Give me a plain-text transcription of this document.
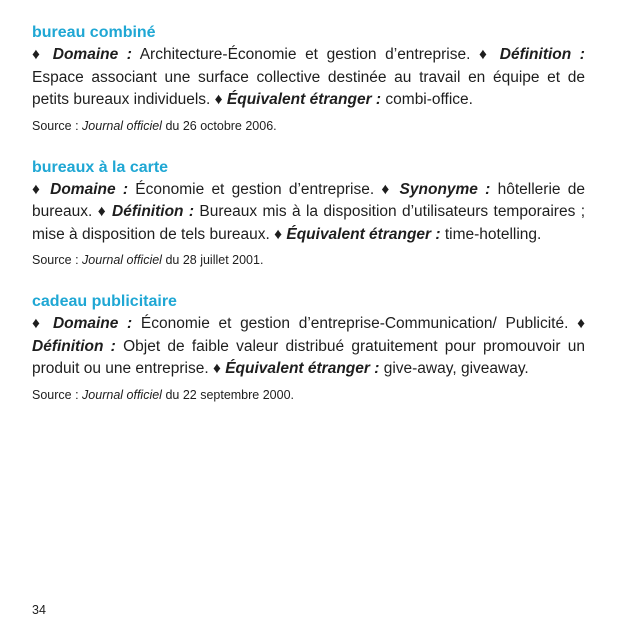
bureau combiné

♦ Domaine : Architecture-Économie et gestion d’entreprise. ♦ Définition : Espace associant une surface collective destinée au travail en équipe et de petits bureaux individuels. ♦ Équivalent étranger : combi-office.

Source : Journal officiel du 26 octobre 2006.
bureaux à la carte

♦ Domaine : Économie et gestion d’entreprise. ♦ Synonyme : hôtellerie de bureaux. ♦ Définition : Bureaux mis à la disposition d’utilisateurs temporaires ; mise à disposition de tels bureaux. ♦ Équivalent étranger : time-hotelling.

Source : Journal officiel du 28 juillet 2001.
cadeau publicitaire

♦ Domaine : Économie et gestion d’entreprise-Communication/ Publicité. ♦ Définition : Objet de faible valeur distribué gratuitement pour promouvoir un produit ou une entreprise. ♦ Équivalent étranger : give-away, giveaway.

Source : Journal officiel du 22 septembre 2000.
34
